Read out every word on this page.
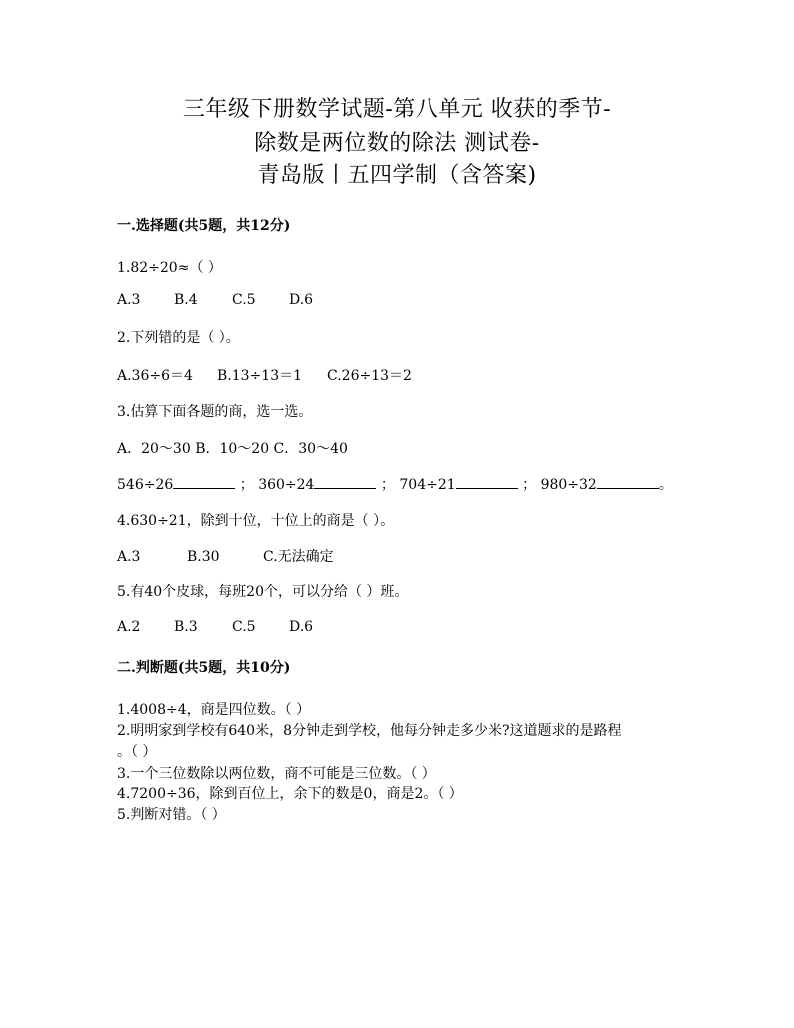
三年级下册数学试题-第八单元 收获的季节-
除数是两位数的除法 测试卷-
青岛版丨五四学制（含答案)
一.选择题(共5题，共12分)
1.82÷20≈（ ）
A.3 B.4 C.5 D.6
2.下列错的是（ ）。
A.36÷6＝4 B.13÷13＝1 C.26÷13＝2
3.估算下面各题的商，选一选。
A．20～30 B．10～20 C．30～40
546÷26	； 360÷24	； 704÷21	； 980÷32	。
4.630÷21，除到十位，十位上的商是（ ）。
A.3	B.30	C.无法确定
5.有40个皮球，每班20个，可以分给（ ）班。
A.2 B.3 C.5 D.6
二.判断题(共5题，共10分)
1.4008÷4，商是四位数。（ ）
2.明明家到学校有640米，8分钟走到学校，他每分钟走多少米?这道题求的是路程
。（ ）
3.一个三位数除以两位数，商不可能是三位数。（ ）
4.7200÷36，除到百位上，余下的数是0，商是2。（ ）
5.判断对错。（ ）
